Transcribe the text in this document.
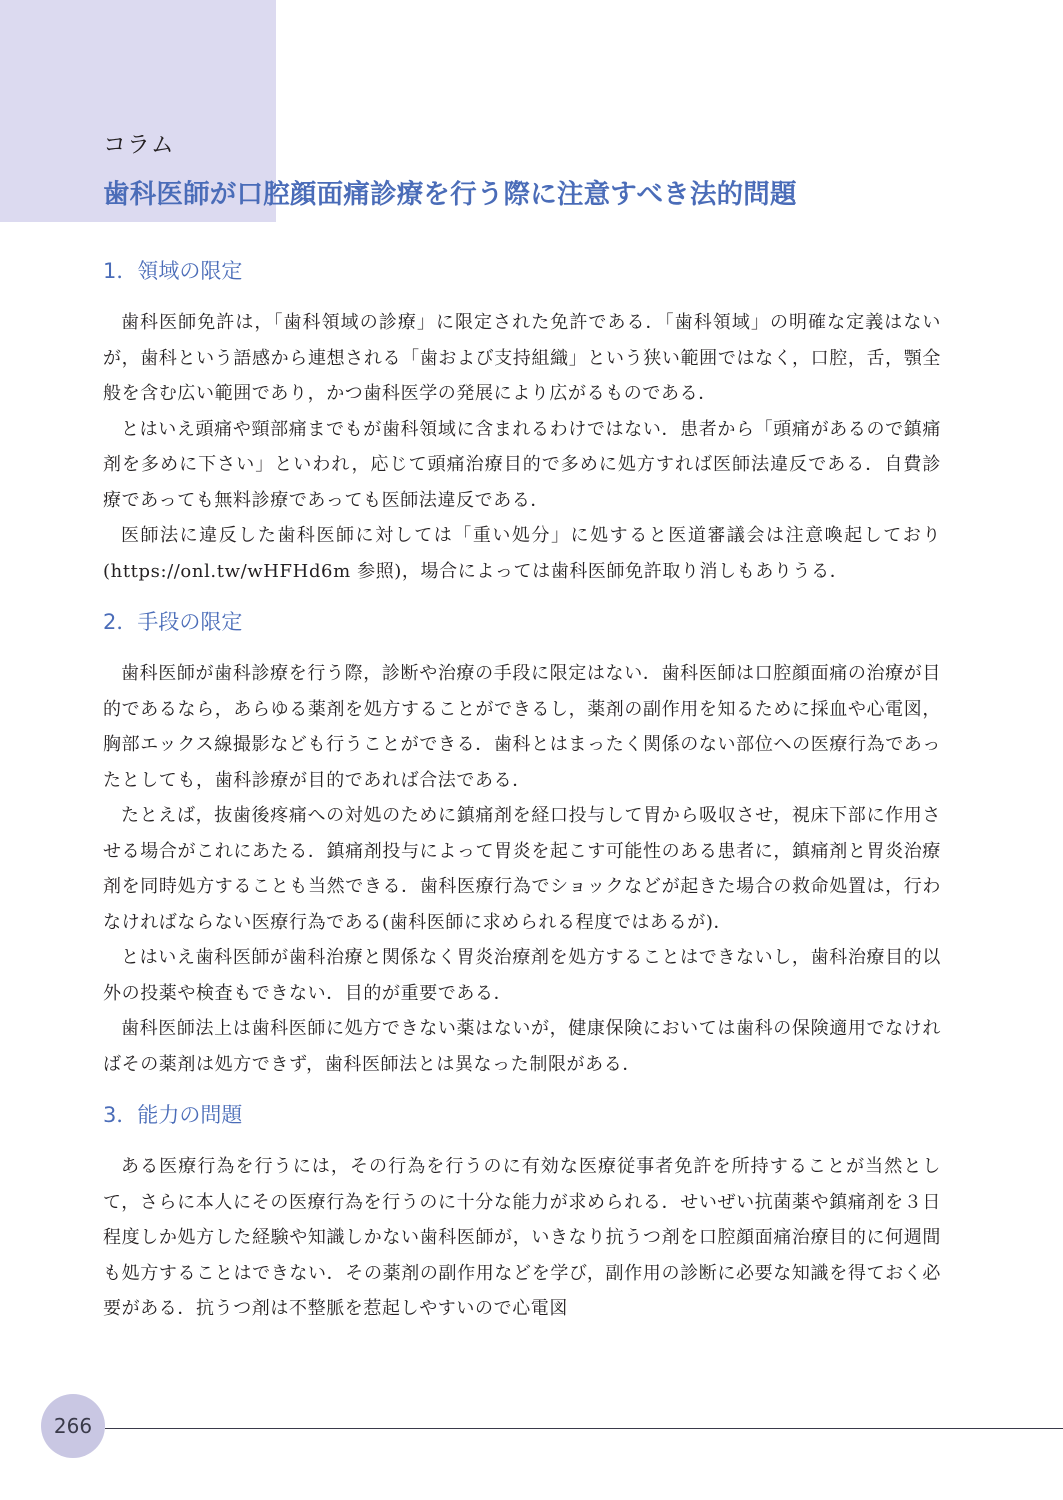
コラム
歯科医師が口腔顔面痛診療を行う際に注意すべき法的問題
1．領域の限定

歯科医師免許は，「歯科領域の診療」に限定された免許である．「歯科領域」の明確な定義はないが，歯科という語感から連想される「歯および支持組織」という狭い範囲ではなく，口腔，舌，顎全般を含む広い範囲であり，かつ歯科医学の発展により広がるものである．

とはいえ頭痛や頸部痛までもが歯科領域に含まれるわけではない．患者から「頭痛があるので鎮痛剤を多めに下さい」といわれ，応じて頭痛治療目的で多めに処方すれば医師法違反である．自費診療であっても無料診療であっても医師法違反である．

医師法に違反した歯科医師に対しては「重い処分」に処すると医道審議会は注意喚起しており(https://onl.tw/wHFHd6m 参照)，場合によっては歯科医師免許取り消しもありうる．

2．手段の限定

歯科医師が歯科診療を行う際，診断や治療の手段に限定はない．歯科医師は口腔顔面痛の治療が目的であるなら，あらゆる薬剤を処方することができるし，薬剤の副作用を知るために採血や心電図，胸部エックス線撮影なども行うことができる．歯科とはまったく関係のない部位への医療行為であったとしても，歯科診療が目的であれば合法である．

たとえば，抜歯後疼痛への対処のために鎮痛剤を経口投与して胃から吸収させ，視床下部に作用させる場合がこれにあたる．鎮痛剤投与によって胃炎を起こす可能性のある患者に，鎮痛剤と胃炎治療剤を同時処方することも当然できる．歯科医療行為でショックなどが起きた場合の救命処置は，行わなければならない医療行為である(歯科医師に求められる程度ではあるが)．

とはいえ歯科医師が歯科治療と関係なく胃炎治療剤を処方することはできないし，歯科治療目的以外の投薬や検査もできない．目的が重要である．

歯科医師法上は歯科医師に処方できない薬はないが，健康保険においては歯科の保険適用でなければその薬剤は処方できず，歯科医師法とは異なった制限がある．

3．能力の問題

ある医療行為を行うには，その行為を行うのに有効な医療従事者免許を所持することが当然として，さらに本人にその医療行為を行うのに十分な能力が求められる．せいぜい抗菌薬や鎮痛剤を３日程度しか処方した経験や知識しかない歯科医師が，いきなり抗うつ剤を口腔顔面痛治療目的に何週間も処方することはできない．その薬剤の副作用などを学び，副作用の診断に必要な知識を得ておく必要がある．抗うつ剤は不整脈を惹起しやすいので心電図

266
